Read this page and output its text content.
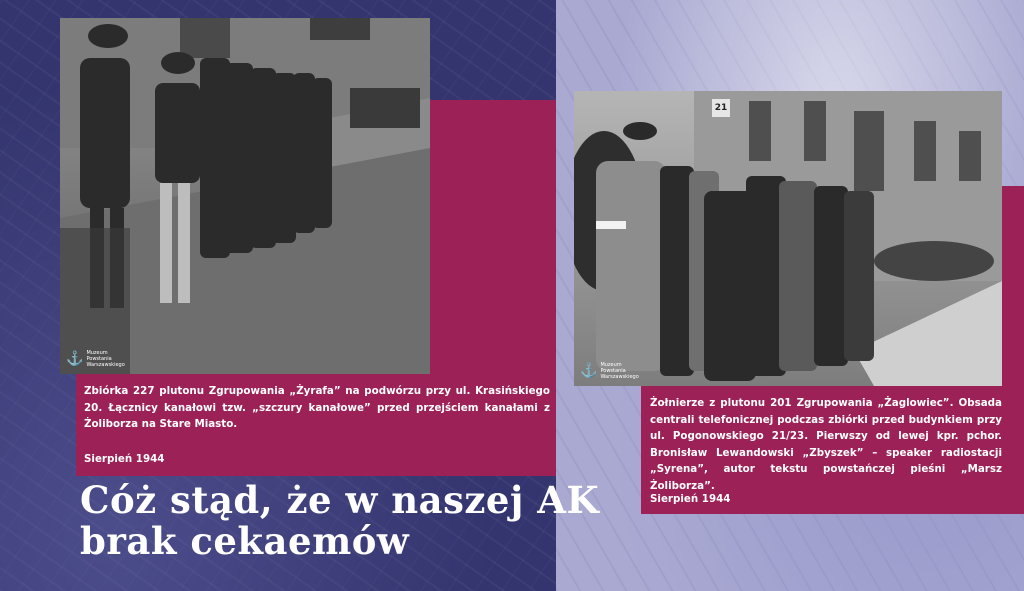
⚓ Muzeum Powstania Warszawskiego
Zbiórka 227 plutonu Zgrupowania „Żyrafa” na podwórzu przy ul. Krasińskiego 20. Łącznicy kanałowi tzw. „szczury kanałowe” przed przejściem kanałami z Żoliborza na Stare Miasto.
Sierpień 1944
21
⚓ Muzeum Powstania Warszawskiego
Żołnierze z plutonu 201 Zgrupowania „Żaglowiec”. Obsada centrali telefonicznej podczas zbiórki przed budynkiem przy ul. Pogonowskiego 21/23. Pierwszy od lewej kpr. pchor. Bronisław Lewandowski „Zbyszek” – speaker radiostacji „Syrena”, autor tekstu powstańczej pieśni „Marsz Żoliborza”.
Sierpień 1944
Cóż stąd, że w naszej AK
brak cekaemów
